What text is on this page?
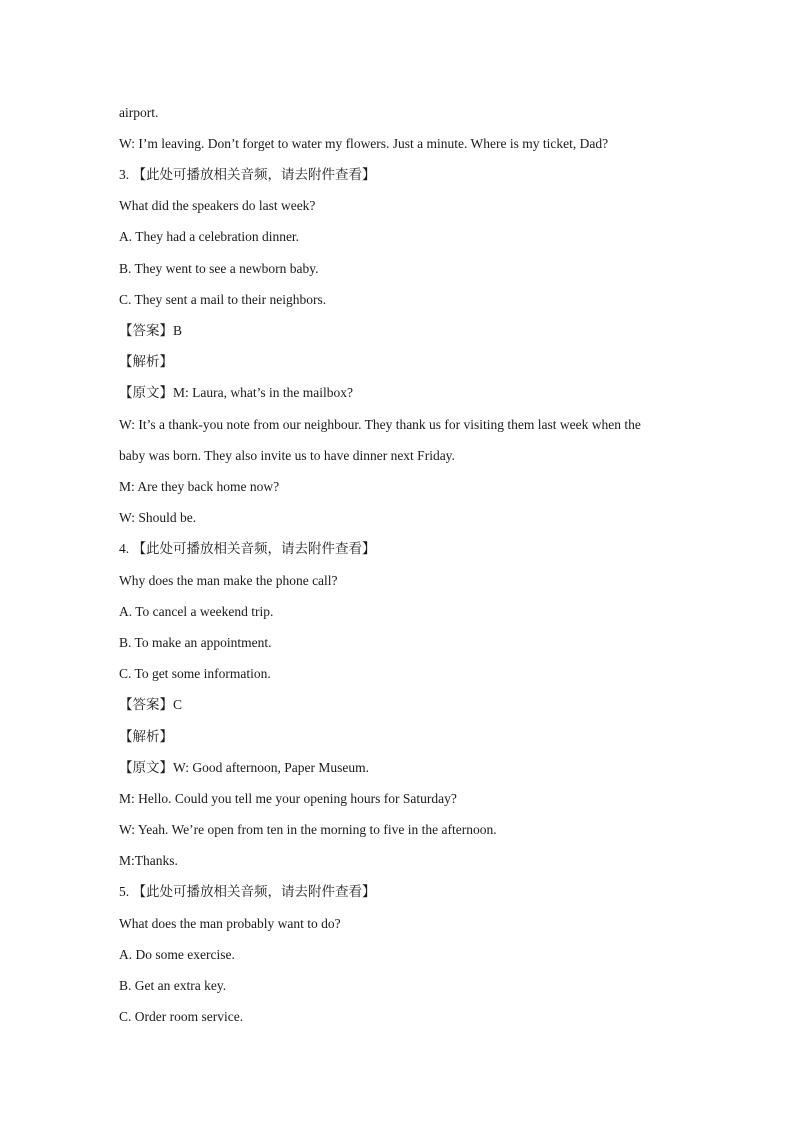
airport.
W: I’m leaving. Don’t forget to water my flowers. Just a minute. Where is my ticket, Dad?
3. 【此处可播放相关音频，请去附件查看】
What did the speakers do last week?
A. They had a celebration dinner.
B. They went to see a newborn baby.
C. They sent a mail to their neighbors.
【答案】B
【解析】
【原文】M: Laura, what’s in the mailbox?
W: It’s a thank-you note from our neighbour. They thank us for visiting them last week when the
baby was born. They also invite us to have dinner next Friday.
M: Are they back home now?
W: Should be.
4. 【此处可播放相关音频，请去附件查看】
Why does the man make the phone call?
A. To cancel a weekend trip.
B. To make an appointment.
C. To get some information.
【答案】C
【解析】
【原文】W: Good afternoon, Paper Museum.
M: Hello. Could you tell me your opening hours for Saturday?
W: Yeah. We’re open from ten in the morning to five in the afternoon.
M:Thanks.
5. 【此处可播放相关音频，请去附件查看】
What does the man probably want to do?
A. Do some exercise.
B. Get an extra key.
C. Order room service.
